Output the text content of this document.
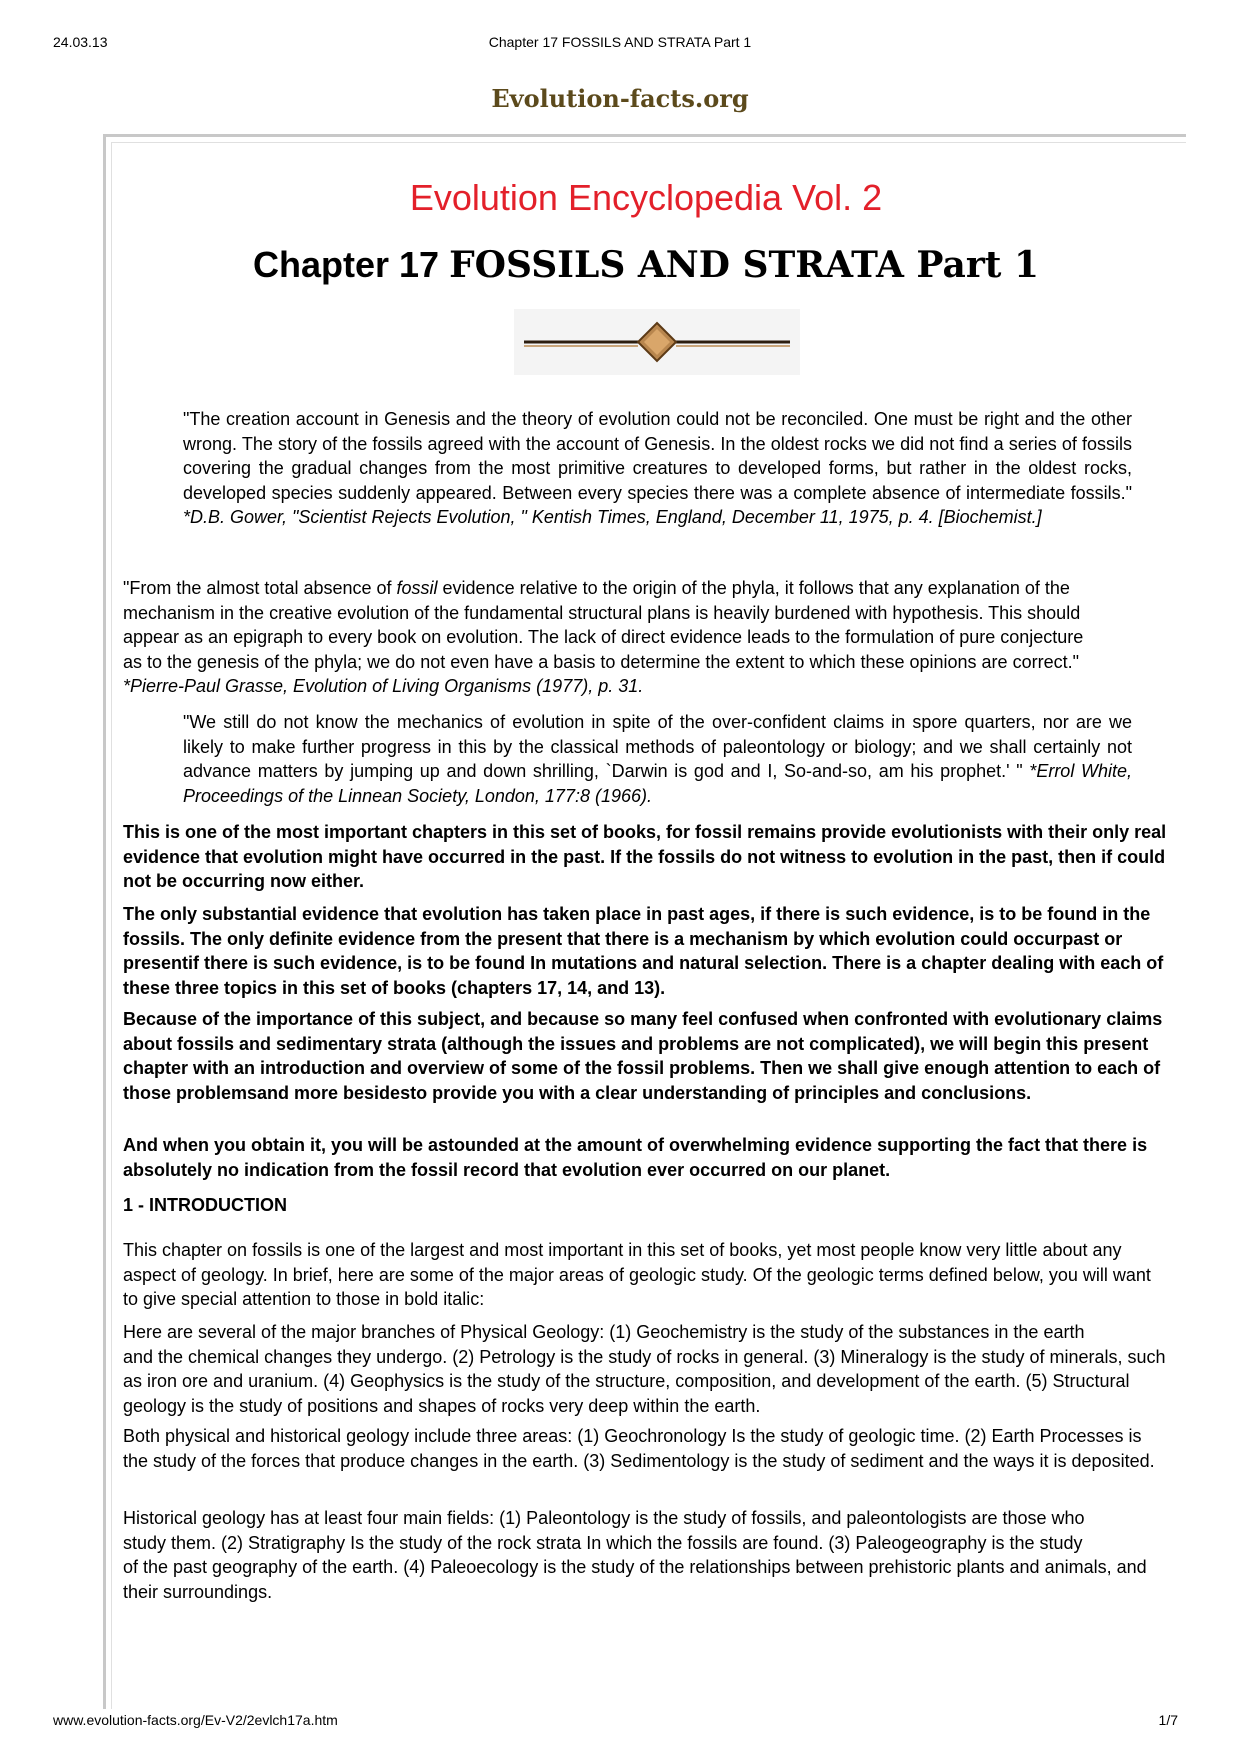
24.03.13	Chapter 17 FOSSILS AND STRATA Part 1
Evolution-facts.org
Evolution Encyclopedia Vol. 2
Chapter 17 FOSSILS AND STRATA Part 1
"The creation account in Genesis and the theory of evolution could not be reconciled. One must be right and the other wrong. The story of the fossils agreed with the account of Genesis. In the oldest rocks we did not find a series of fossils covering the gradual changes from the most primitive creatures to developed forms, but rather in the oldest rocks, developed species suddenly appeared. Between every species there was a complete absence of intermediate fossils." *D.B. Gower, "Scientist Rejects Evolution, " Kentish Times, England, December 11, 1975, p. 4. [Biochemist.]
"From the almost total absence of fossil evidence relative to the origin of the phyla, it follows that any explanation of the
mechanism in the creative evolution of the fundamental structural plans is heavily burdened with hypothesis. This should
appear as an epigraph to every book on evolution. The lack of direct evidence leads to the formulation of pure conjecture
as to the genesis of the phyla; we do not even have a basis to determine the extent to which these opinions are correct."
*Pierre-Paul Grasse, Evolution of Living Organisms (1977), p. 31.
"We still do not know the mechanics of evolution in spite of the over-confident claims in spore quarters, nor are we likely to make further progress in this by the classical methods of paleontology or biology; and we shall certainly not advance matters by jumping up and down shrilling, `Darwin is god and I, So-and-so, am his prophet.' " *Errol White, Proceedings of the Linnean Society, London, 177:8 (1966).
This is one of the most important chapters in this set of books, for fossil remains provide evolutionists with their only real evidence that evolution might have occurred in the past. If the fossils do not witness to evolution in the past, then if could not be occurring now either.
The only substantial evidence that evolution has taken place in past ages, if there is such evidence, is to be found in the fossils. The only definite evidence from the present that there is a mechanism by which evolution could occurpast or presentif there is such evidence, is to be found In mutations and natural selection. There is a chapter dealing with each of these three topics in this set of books (chapters 17, 14, and 13).
Because of the importance of this subject, and because so many feel confused when confronted with evolutionary claims about fossils and sedimentary strata (although the issues and problems are not complicated), we will begin this present chapter with an introduction and overview of some of the fossil problems. Then we shall give enough attention to each of those problemsand more besidesto provide you with a clear understanding of principles and conclusions.
And when you obtain it, you will be astounded at the amount of overwhelming evidence supporting the fact that there is absolutely no indication from the fossil record that evolution ever occurred on our planet.
1 - INTRODUCTION
This chapter on fossils is one of the largest and most important in this set of books, yet most people know very little about any aspect of geology. In brief, here are some of the major areas of geologic study. Of the geologic terms defined below, you will want to give special attention to those in bold italic:
Here are several of the major branches of Physical Geology: (1) Geochemistry is the study of the substances in the earth
and the chemical changes they undergo. (2) Petrology is the study of rocks in general. (3) Mineralogy is the study of minerals, such as iron ore and uranium. (4) Geophysics is the study of the structure, composition, and development of the earth. (5) Structural geology is the study of positions and shapes of rocks very deep within the earth.
Both physical and historical geology include three areas: (1) Geochronology Is the study of geologic time. (2) Earth Processes is the study of the forces that produce changes in the earth. (3) Sedimentology is the study of sediment and the ways it is deposited.
Historical geology has at least four main fields: (1) Paleontology is the study of fossils, and paleontologists are those who
study them. (2) Stratigraphy Is the study of the rock strata In which the fossils are found. (3) Paleogeography is the study
of the past geography of the earth. (4) Paleoecology is the study of the relationships between prehistoric plants and animals, and their surroundings.
www.evolution-facts.org/Ev-V2/2evlch17a.htm	1/7
